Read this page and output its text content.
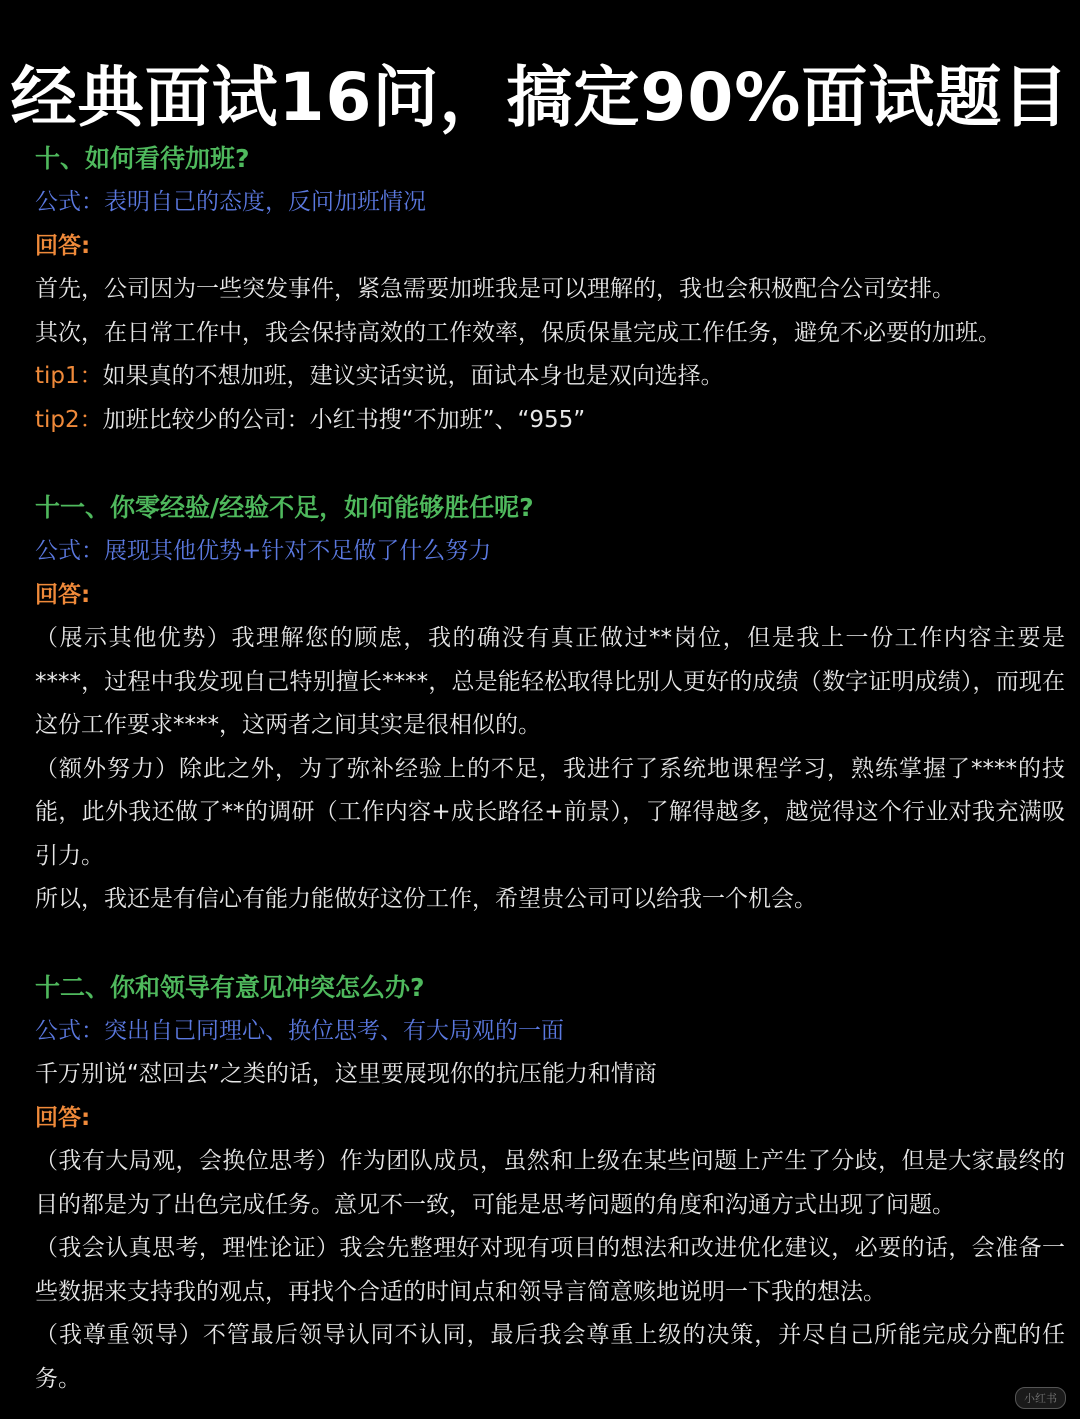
经典面试16问，搞定90%面试题目
十、如何看待加班?
公式：表明自己的态度，反问加班情况
回答:
首先，公司因为一些突发事件，紧急需要加班我是可以理解的，我也会积极配合公司安排。
其次，在日常工作中，我会保持高效的工作效率，保质保量完成工作任务，避免不必要的加班。
tip1：如果真的不想加班，建议实话实说，面试本身也是双向选择。
tip2：加班比较少的公司：小红书搜“不加班”、“955”
十一、你零经验/经验不足，如何能够胜任呢?
公式：展现其他优势+针对不足做了什么努力
回答:
（展示其他优势）我理解您的顾虑，我的确没有真正做过**岗位，但是我上一份工作内容主要是****，过程中我发现自己特别擅长****，总是能轻松取得比别人更好的成绩（数字证明成绩），而现在这份工作要求****，这两者之间其实是很相似的。
（额外努力）除此之外，为了弥补经验上的不足，我进行了系统地课程学习，熟练掌握了****的技能，此外我还做了**的调研（工作内容+成长路径+前景），了解得越多，越觉得这个行业对我充满吸引力。
所以，我还是有信心有能力能做好这份工作，希望贵公司可以给我一个机会。
十二、你和领导有意见冲突怎么办?
公式：突出自己同理心、换位思考、有大局观的一面
千万别说“怼回去”之类的话，这里要展现你的抗压能力和情商
回答:
（我有大局观，会换位思考）作为团队成员，虽然和上级在某些问题上产生了分歧，但是大家最终的目的都是为了出色完成任务。意见不一致，可能是思考问题的角度和沟通方式出现了问题。
（我会认真思考，理性论证）我会先整理好对现有项目的想法和改进优化建议，必要的话，会准备一些数据来支持我的观点，再找个合适的时间点和领导言简意赅地说明一下我的想法。
（我尊重领导）不管最后领导认同不认同，最后我会尊重上级的决策，并尽自己所能完成分配的任务。
小红书
